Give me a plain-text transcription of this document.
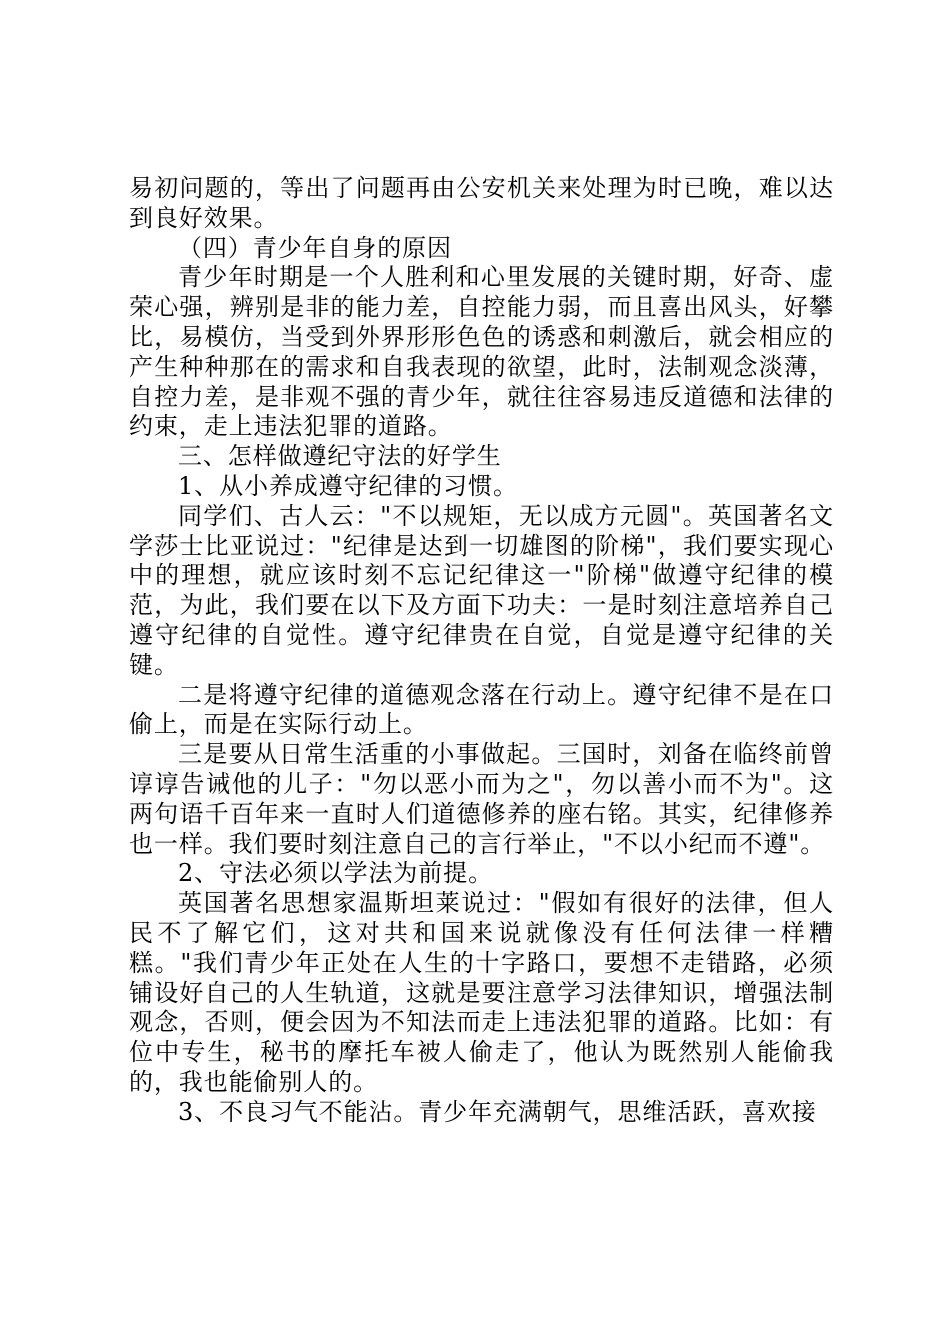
易初问题的，等出了问题再由公安机关来处理为时已晚，难以达到良好效果。

（四）青少年自身的原因

青少年时期是一个人胜利和心里发展的关键时期，好奇、虚荣心强，辨别是非的能力差，自控能力弱，而且喜出风头，好攀比，易模仿，当受到外界形形色色的诱惑和刺激后，就会相应的产生种种那在的需求和自我表现的欲望，此时，法制观念淡薄，自控力差，是非观不强的青少年，就往往容易违反道德和法律的约束，走上违法犯罪的道路。

三、怎样做遵纪守法的好学生

1、从小养成遵守纪律的习惯。

同学们、古人云："不以规矩，无以成方元圆"。英国著名文学莎士比亚说过："纪律是达到一切雄图的阶梯"，我们要实现心中的理想，就应该时刻不忘记纪律这一"阶梯"做遵守纪律的模范，为此，我们要在以下及方面下功夫：一是时刻注意培养自己遵守纪律的自觉性。遵守纪律贵在自觉，自觉是遵守纪律的关键。

二是将遵守纪律的道德观念落在行动上。遵守纪律不是在口偷上，而是在实际行动上。

三是要从日常生活重的小事做起。三国时，刘备在临终前曾谆谆告诫他的儿子："勿以恶小而为之"，勿以善小而不为"。这两句语千百年来一直时人们道德修养的座右铭。其实，纪律修养也一样。我们要时刻注意自己的言行举止，"不以小纪而不遵"。

2、守法必须以学法为前提。

英国著名思想家温斯坦莱说过："假如有很好的法律，但人民不了解它们，这对共和国来说就像没有任何法律一样糟糕。"我们青少年正处在人生的十字路口，要想不走错路，必须铺设好自己的人生轨道，这就是要注意学习法律知识，增强法制观念，否则，便会因为不知法而走上违法犯罪的道路。比如：有位中专生，秘书的摩托车被人偷走了，他认为既然别人能偷我的，我也能偷别人的。

3、不良习气不能沾。青少年充满朝气，思维活跃，喜欢接
